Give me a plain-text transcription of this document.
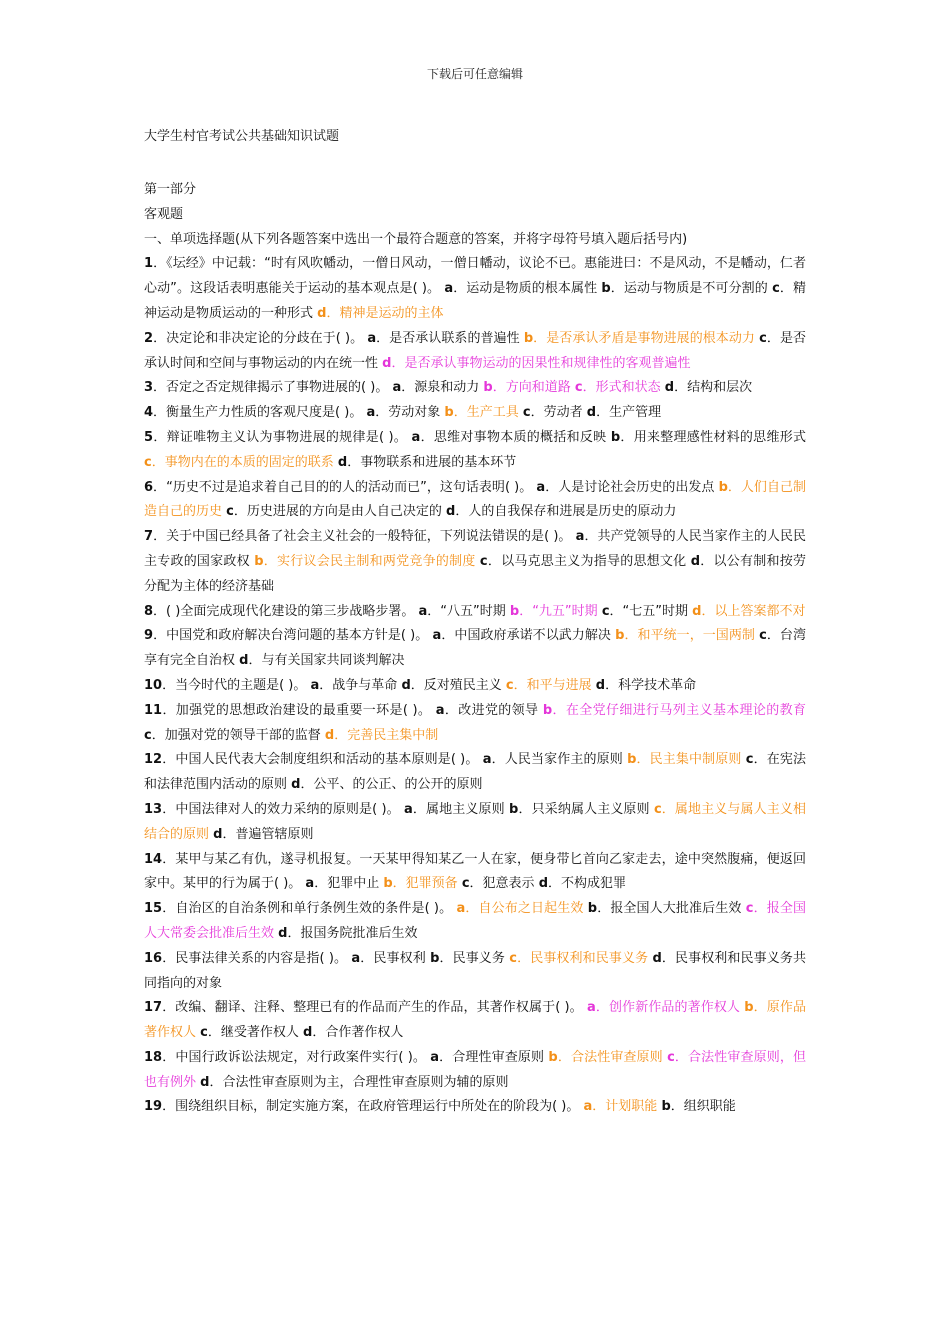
下载后可任意编辑
大学生村官考试公共基础知识试题

第一部分

客观题

一、单项选择题(从下列各题答案中选出一个最符合题意的答案，并将字母符号填入题后括号内)

1．《坛经》中记载：“时有风吹幡动，一僧日风动，一僧日幡动，议论不已。惠能进曰：不是风动，不是幡动，仁者心动”。这段话表明惠能关于运动的基本观点是( )。 a．运动是物质的根本属性 b．运动与物质是不可分割的 c．精神运动是物质运动的一种形式 d．精神是运动的主体

2．决定论和非决定论的分歧在于( )。 a．是否承认联系的普遍性 b．是否承认矛盾是事物进展的根本动力 c．是否承认时间和空间与事物运动的内在统一性 d．是否承认事物运动的因果性和规律性的客观普遍性

3．否定之否定规律揭示了事物进展的( )。 a．源泉和动力 b．方向和道路 c．形式和状态 d．结构和层次

4．衡量生产力性质的客观尺度是( )。 a．劳动对象 b．生产工具 c．劳动者 d．生产管理

5．辩证唯物主义认为事物进展的规律是( )。 a．思维对事物本质的概括和反映 b．用来整理感性材料的思维形式 c．事物内在的本质的固定的联系 d．事物联系和进展的基本环节

6．“历史不过是追求着自己目的的人的活动而已”，这句话表明( )。 a．人是讨论社会历史的出发点 b．人们自己制造自己的历史 c．历史进展的方向是由人自己决定的 d．人的自我保存和进展是历史的原动力

7．关于中国已经具备了社会主义社会的一般特征，下列说法错误的是( )。 a．共产党领导的人民当家作主的人民民主专政的国家政权 b．实行议会民主制和两党竞争的制度 c．以马克思主义为指导的思想文化 d．以公有制和按劳分配为主体的经济基础

8．( )全面完成现代化建设的第三步战略步署。 a．“八五”时期 b．“九五”时期 c．“七五”时期 d．以上答案都不对

9．中国党和政府解决台湾问题的基本方针是( )。 a．中国政府承诺不以武力解决 b．和平统一，一国两制 c．台湾享有完全自治权 d．与有关国家共同谈判解决

10．当今时代的主题是( )。 a．战争与革命 d．反对殖民主义 c．和平与进展 d．科学技术革命

11．加强党的思想政治建设的最重要一环是( )。 a．改进党的领导 b．在全党仔细进行马列主义基本理论的教育 c．加强对党的领导干部的监督 d．完善民主集中制

12．中国人民代表大会制度组织和活动的基本原则是( )。 a．人民当家作主的原则 b．民主集中制原则 c．在宪法和法律范围内活动的原则 d．公平、的公正、的公开的原则

13．中国法律对人的效力采纳的原则是( )。 a．属地主义原则 b．只采纳属人主义原则 c．属地主义与属人主义相结合的原则 d．普遍管辖原则

14．某甲与某乙有仇，遂寻机报复。一天某甲得知某乙一人在家，便身带匕首向乙家走去，途中突然腹痛，便返回家中。某甲的行为属于( )。 a．犯罪中止 b．犯罪预备 c．犯意表示 d．不构成犯罪

15．自治区的自治条例和单行条例生效的条件是( )。 a．自公布之日起生效 b．报全国人大批准后生效 c．报全国人大常委会批准后生效 d．报国务院批准后生效

16．民事法律关系的内容是指( )。 a．民事权利 b．民事义务 c．民事权利和民事义务 d．民事权利和民事义务共同指向的对象

17．改编、翻译、注释、整理已有的作品而产生的作品，其著作权属于( )。 a．创作新作品的著作权人 b．原作品著作权人 c．继受著作权人 d．合作著作权人

18．中国行政诉讼法规定，对行政案件实行( )。 a．合理性审查原则 b．合法性审查原则 c．合法性审查原则，但也有例外 d．合法性审查原则为主，合理性审查原则为辅的原则

19．围绕组织目标，制定实施方案，在政府管理运行中所处在的阶段为( )。 a．计划职能 b．组织职能
